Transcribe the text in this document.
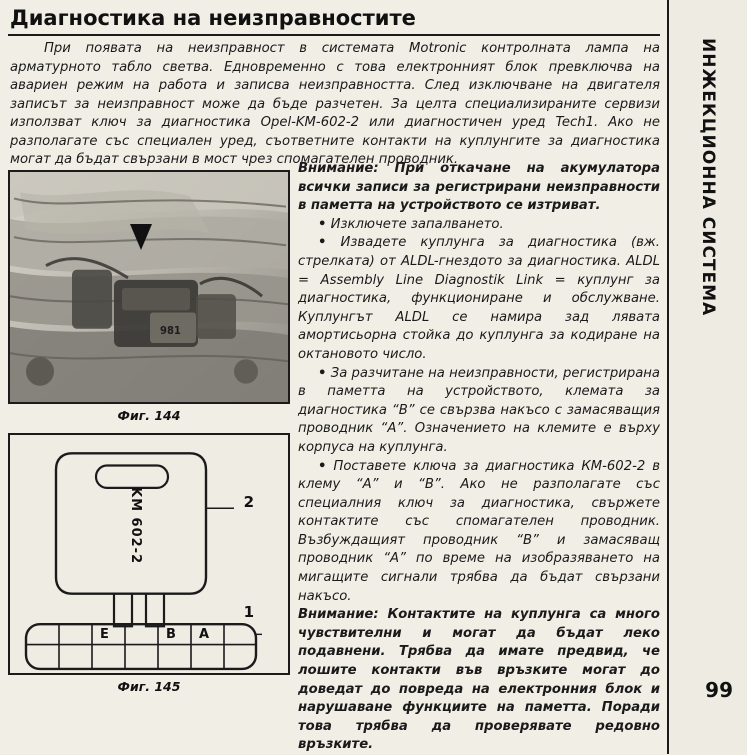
Диагностика на неизправностите
При появата на неизправност в системата Motronic контролната лампа на арматурното табло светва. Едновременно с това електронният блок превключва на авариен режим на работа и записва неизправността. След изключване на двигателя записът за неизправност може да бъде разчетен. За целта специализираните сервизи използват ключ за диагностика Opel-KM-602-2 или диагностичен уред Tech1. Ако не разполагате със специален уред, съответните контакти на куплунгите за диагностика могат да бъдат свързани в мост чрез спомагателен проводник.
981
Фиг. 144
KM 602-2	2
1
E	B A
Фиг. 145
Внимание: При откачане на акумулатора всички записи за регистрирани неизправности в паметта на устройството се изтриват.
• Изключете запалването.
• Извадете куплунга за диагностика (вж. стрелката) от ALDL-гнездото за диагностика. ALDL = Assembly Line Diagnostik Link = куплунг за диагностика, функциониране и обслужване. Куплунгът ALDL се намира зад лявата амортисьорна стойка до куплунга за кодиране на октановото число.
• За разчитане на неизправности, регистрирана в паметта на устройството, клемата за диагностика “В” се свързва накъсо с замасяващия проводник “А”. Означението на клемите е върху корпуса на куплунга.
• Поставете ключа за диагностика КМ-602-2 в клему “А” и “В”. Ако не разполагате със специалния ключ за диагностика, свържете контактите със спомагателен проводник. Възбуждащият проводник “В” и замасяващ проводник “А” по време на изобразяването на мигащите сигнали трябва да бъдат свързани накъсо.
Внимание: Контактите на куплунга са много чувствителни и могат да бъдат леко подавнени. Трябва да имате предвид, че лошите контакти във връзките могат до доведат до повреда на електронния блок и нарушаване функциите на паметта. Поради това трябва да проверявате редовно връзките.
ИНЖЕКЦИОННА СИСТЕМА
99
